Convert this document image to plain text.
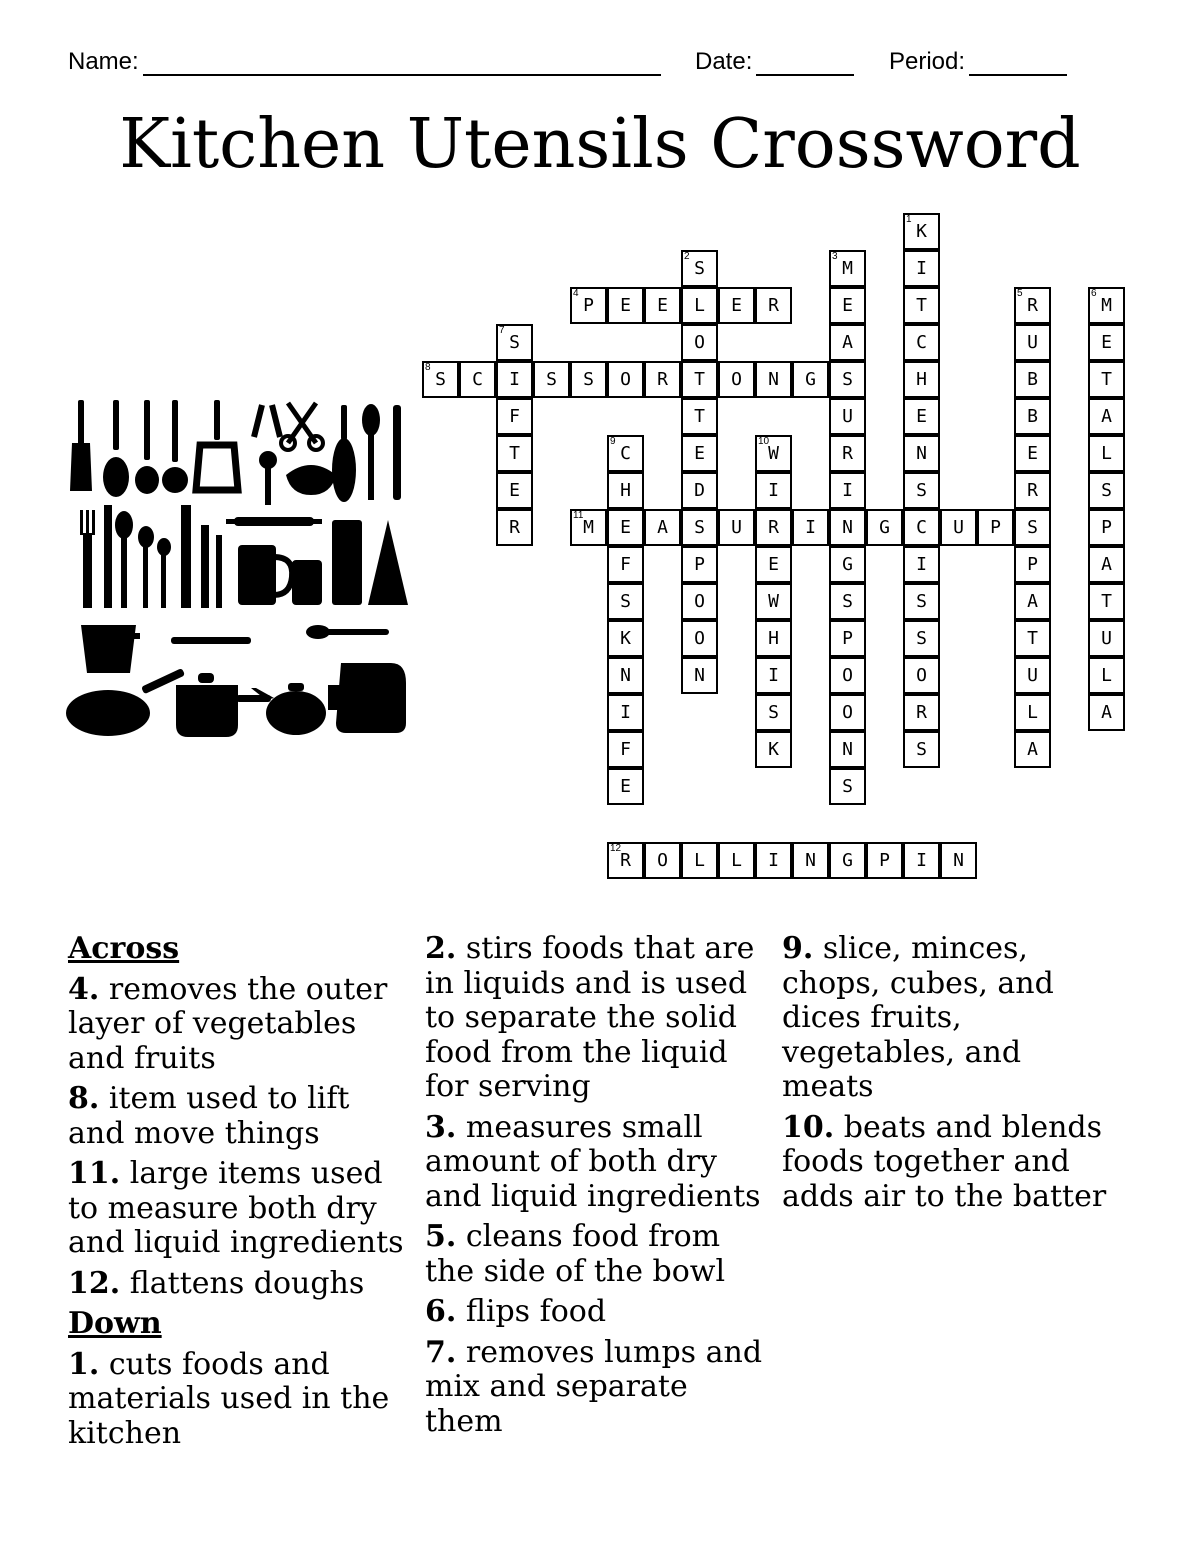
Name:	Date:	Period:
Kitchen Utensils Crossword
K
1
I
T
C
H
E
N
S
C
I
S
S
O
R
S
S
2
L
O
T
T
E
D
S
P
O
O
N
M
3
E
A
S
U
R
I
N
G
S
P
O
O
N
S
P
4
E	E	E	R	R
5
U
B
B
E
R
S
P
A
T
U
L
A
M
6
E
T
A
L
S
P
A
T
U
L
A
S
7
I
F
T
E
R
S
8
C	S	S	O	R	O	N	G
C
9
H
E
F
S
K
N
I
F
E
W
10
I
R
E
W
H
I
S
K
M
11
A	U	I	G	U	P
R
12
O	L	L	I	N	G	P	I	N
Across
4. removes the outer layer of vegetables and fruits
8. item used to lift and move things
11. large items used to measure both dry and liquid ingredients
12. flattens doughs
Down
1. cuts foods and materials used in the kitchen
2. stirs foods that are in liquids and is used to separate the solid food from the liquid for serving
3. measures small amount of both dry and liquid ingredients
5. cleans food from the side of the bowl
6. flips food
7. removes lumps and mix and separate them
9. slice, minces, chops, cubes, and dices fruits, vegetables, and meats
10. beats and blends foods together and adds air to the batter
